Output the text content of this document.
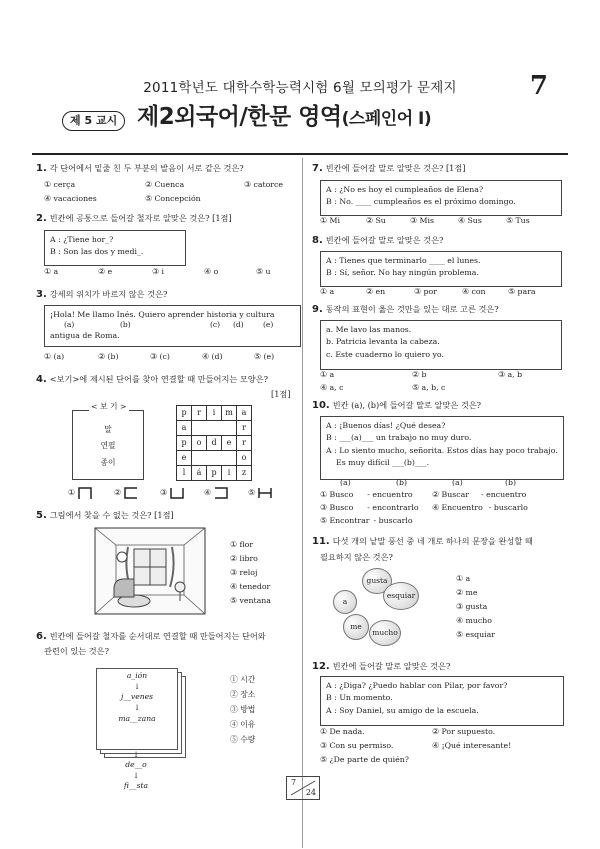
2011학년도 대학수학능력시험 6월 모의평가 문제지	7
제 5 교시 제2외국어/한문 영역(스페인어 I)
1. 각 단어에서 밑줄 친 두 부분의 발음이 서로 같은 것은?
① cerça	② Cuenca	③ catorce
④ vacaciones	⑤ Concepción
2. 빈칸에 공통으로 들어갈 철자로 알맞은 것은? [1점]
A : ¿Tiene hor_?
B : Son las dos y medi_.
① a	② e	③ i	④ o	⑤ u
3. 강세의 위치가 바르지 않은 것은?
¡Hola! Me llamo Inés. Quiero aprender historia y cultura
(a)	(b)	(c) (d)	(e)
antigua de Roma.
① (a)	② (b)	③ (c)	④ (d)	⑤ (e)
4. <보기>에 제시된 단어를 찾아 연결할 때 만들어지는 모양은?
[1점]
< 보 기 >
말
연필
종이
p	r	i	m	a
a				r
p	o	d	e	r
e				o
l	á	p	i	z
①	②	③	④	⑤
5. 그림에서 찾을 수 없는 것은? [1점]
① flor
② libro
③ reloj
④ tenedor
⑤ ventana
6. 빈칸에 들어갈 철자를 순서대로 연결할 때 만들어지는 단어와
관련이 있는 것은?
a_ión
↓
j__venes
↓
ma__zana
↓
de__o
↓
fi__sta
① 시간
② 장소
③ 방법
④ 이유
⑤ 수량
7. 빈칸에 들어갈 말로 알맞은 것은? [1점]
A : ¿No es hoy el cumpleaños de Elena?
B : No. ____ cumpleaños es el próximo domingo.
① Mi	② Su	③ Mis	④ Sus	⑤ Tus
8. 빈칸에 들어갈 말로 알맞은 것은?
A : Tienes que terminarlo ____ el lunes.
B : Sí, señor. No hay ningún problema.
① a	② en	③ por	④ con	⑤ para
9. 동작의 표현이 옳은 것만을 있는 대로 고른 것은?
a. Me lavo las manos.
b. Patricia levanta la cabeza.
c. Este cuaderno lo quiero yo.
① a	② b	③ a, b
④ a, c	⑤ a, b, c
10. 빈칸 (a), (b)에 들어갈 말로 알맞은 것은?
A : ¡Buenos días! ¿Qué desea?
B : ___(a)___ un trabajo no muy duro.
A : Lo siento mucho, señorita. Estos días hay poco trabajo.
Es muy difícil ___(b)___.
(a)	(b)	(a)	(b)
① Busco - encuentro ② Buscar - encuentro
③ Busco - encontrarlo ④ Encuentro - buscarlo
⑤ Encontrar - buscarlo
11. 다섯 개의 낱말 풍선 중 네 개로 하나의 문장을 완성할 때
필요하지 않은 것은?
gusta
a
esquiar
me
mucho
① a
② me
③ gusta
④ mucho
⑤ esquiar
12. 빈칸에 들어갈 말로 알맞은 것은?
A : ¿Diga? ¿Puedo hablar con Pilar, por favor?
B : Un momento.
A : Soy Daniel, su amigo de la escuela.
① De nada.	② Por supuesto.
③ Con su permiso.	④ ¡Qué interesante!
⑤ ¿De parte de quién?
7
24
